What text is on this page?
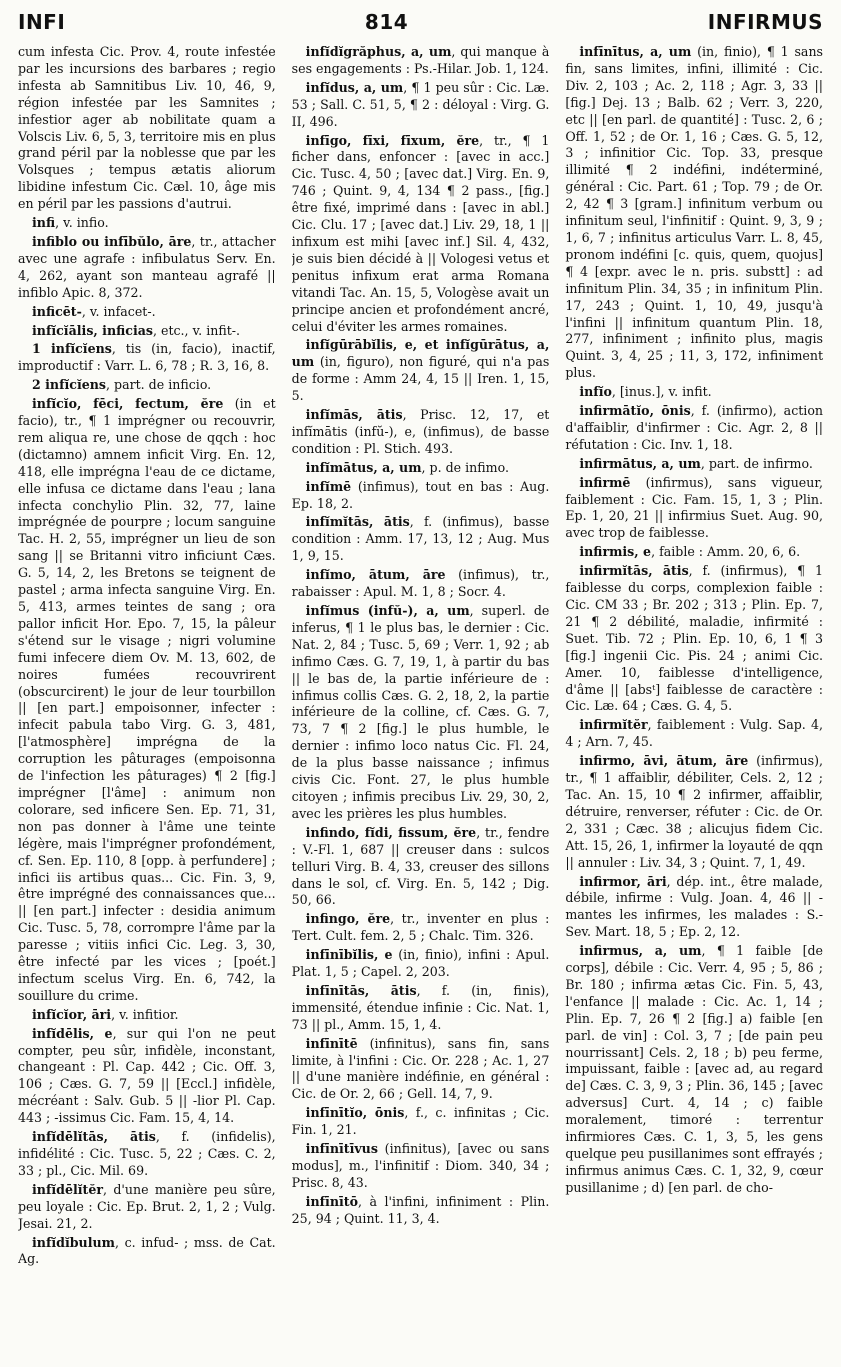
INFI	814	INFIRMUS

cum infesta Cic. Prov. 4, route infestée par les incursions des barbares ; regio infesta ab Samnitibus Liv. 10, 46, 9, région infestée par les Samnites ; infestior ager ab nobilitate quam a Volscis Liv. 6, 5, 3, territoire mis en plus grand péril par la noblesse que par les Volsques ; tempus ætatis aliorum libidine infestum Cic. Cæl. 10, âge mis en péril par les passions d'autrui.

infi, v. infio.

infiblo ou infībŭlo, āre, tr., attacher avec une agrafe : infibulatus Serv. En. 4, 262, ayant son manteau agrafé || infiblo Apic. 8, 372.

inficēt-, v. infacet-.

infĭcĭālis, inficias, etc., v. infit-.

1 infĭcĭens, tis (in, facio), inactif, improductif : Varr. L. 6, 78 ; R. 3, 16, 8.

2 infĭcĭens, part. de inficio.

infĭcĭo, fēci, fectum, ĕre (in et facio), tr., ¶ 1 imprégner ou recouvrir, rem aliqua re, une chose de qqch : hoc (dictamno) amnem inficit Virg. En. 12, 418, elle imprégna l'eau de ce dictame, elle infusa ce dictame dans l'eau ; lana infecta conchylio Plin. 32, 77, laine imprégnée de pourpre ; locum sanguine Tac. H. 2, 55, imprégner un lieu de son sang || se Britanni vitro inficiunt Cæs. G. 5, 14, 2, les Bretons se teignent de pastel ; arma infecta sanguine Virg. En. 5, 413, armes teintes de sang ; ora pallor inficit Hor. Epo. 7, 15, la pâleur s'étend sur le visage ; nigri volumine fumi infecere diem Ov. M. 13, 602, de noires fumées recouvrirent (obscurcirent) le jour de leur tourbillon || [en part.] empoisonner, infecter : infecit pabula tabo Virg. G. 3, 481, [l'atmosphère] imprégna de la corruption les pâturages (empoisonna de l'infection les pâturages) ¶ 2 [fig.] imprégner [l'âme] : animum non colorare, sed inficere Sen. Ep. 71, 31, non pas donner à l'âme une teinte légère, mais l'imprégner profondément, cf. Sen. Ep. 110, 8 [opp. à perfundere] ; infici iis artibus quas... Cic. Fin. 3, 9, être imprégné des connaissances que... || [en part.] infecter : desidia animum Cic. Tusc. 5, 78, corrompre l'âme par la paresse ; vitiis infici Cic. Leg. 3, 30, être infecté par les vices ; [poét.] infectum scelus Virg. En. 6, 742, la souillure du crime.

infĭcĭor, āri, v. infitior.

infĭdēlis, e, sur qui l'on ne peut compter, peu sûr, infidèle, inconstant, changeant : Pl. Cap. 442 ; Cic. Off. 3, 106 ; Cæs. G. 7, 59 || [Eccl.] infidèle, mécréant : Salv. Gub. 5 || -lior Pl. Cap. 443 ; -issimus Cic. Fam. 15, 4, 14.

infĭdēlĭtās, ātis, f. (infidelis), infidélité : Cic. Tusc. 5, 22 ; Cæs. C. 2, 33 ; pl., Cic. Mil. 69.

infĭdēlĭtĕr, d'une manière peu sûre, peu loyale : Cic. Ep. Brut. 2, 1, 2 ; Vulg. Jesai. 21, 2.

infĭdĭbulum, c. infud- ; mss. de Cat. Ag.

infĭdĭgrăphus, a, um, qui manque à ses engagements : Ps.-Hilar. Job. 1, 124.

infĭdus, a, um, ¶ 1 peu sûr : Cic. Læ. 53 ; Sall. C. 51, 5, ¶ 2 : déloyal : Virg. G. II, 496.

infīgo, fīxi, fīxum, ĕre, tr., ¶ 1 ficher dans, enfoncer : [avec in acc.] Cic. Tusc. 4, 50 ; [avec dat.] Virg. En. 9, 746 ; Quint. 9, 4, 134 ¶ 2 pass., [fig.] être fixé, imprimé dans : [avec in abl.] Cic. Clu. 17 ; [avec dat.] Liv. 29, 18, 1 || infixum est mihi [avec inf.] Sil. 4, 432, je suis bien décidé à || Vologesi vetus et penitus infixum erat arma Romana vitandi Tac. An. 15, 5, Vologèse avait un principe ancien et profondément ancré, celui d'éviter les armes romaines.

infĭgūrābĭlis, e, et infĭgūrātus, a, um (in, figuro), non figuré, qui n'a pas de forme : Amm 24, 4, 15 || Iren. 1, 15, 5.

infĭmās, ātis, Prisc. 12, 17, et infĭmātis (infŭ-), e, (infimus), de basse condition : Pl. Stich. 493.

infĭmātus, a, um, p. de infimo.

infĭmē (infimus), tout en bas : Aug. Ep. 18, 2.

infĭmĭtās, ātis, f. (infimus), basse condition : Amm. 17, 13, 12 ; Aug. Mus 1, 9, 15.

infĭmo, ātum, āre (infimus), tr., rabaisser : Apul. M. 1, 8 ; Socr. 4.

infĭmus (infŭ-), a, um, superl. de inferus, ¶ 1 le plus bas, le dernier : Cic. Nat. 2, 84 ; Tusc. 5, 69 ; Verr. 1, 92 ; ab infimo Cæs. G. 7, 19, 1, à partir du bas || le bas de, la partie inférieure de : infimus collis Cæs. G. 2, 18, 2, la partie inférieure de la colline, cf. Cæs. G. 7, 73, 7 ¶ 2 [fig.] le plus humble, le dernier : infimo loco natus Cic. Fl. 24, de la plus basse naissance ; infimus civis Cic. Font. 27, le plus humble citoyen ; infimis precibus Liv. 29, 30, 2, avec les prières les plus humbles.

infindo, fĭdi, fissum, ĕre, tr., fendre : V.-Fl. 1, 687 || creuser dans : sulcos telluri Virg. B. 4, 33, creuser des sillons dans le sol, cf. Virg. En. 5, 142 ; Dig. 50, 66.

infingo, ĕre, tr., inventer en plus : Tert. Cult. fem. 2, 5 ; Chalc. Tim. 326.

infīnībĭlis, e (in, finio), infini : Apul. Plat. 1, 5 ; Capel. 2, 203.

infīnītās, ātis, f. (in, finis), immensité, étendue infinie : Cic. Nat. 1, 73 || pl., Amm. 15, 1, 4.

infīnītē (infinitus), sans fin, sans limite, à l'infini : Cic. Or. 228 ; Ac. 1, 27 || d'une manière indéfinie, en général : Cic. de Or. 2, 66 ; Gell. 14, 7, 9.

infīnītĭo, ōnis, f., c. infinitas ; Cic. Fin. 1, 21.

infīnītīvus (infinitus), [avec ou sans modus], m., l'infinitif : Diom. 340, 34 ; Prisc. 8, 43.

infīnītō, à l'infini, infiniment : Plin. 25, 94 ; Quint. 11, 3, 4.

infīnītus, a, um (in, finio), ¶ 1 sans fin, sans limites, infini, illimité : Cic. Div. 2, 103 ; Ac. 2, 118 ; Agr. 3, 33 || [fig.] Dej. 13 ; Balb. 62 ; Verr. 3, 220, etc || [en parl. de quantité] : Tusc. 2, 6 ; Off. 1, 52 ; de Or. 1, 16 ; Cæs. G. 5, 12, 3 ; infinitior Cic. Top. 33, presque illimité ¶ 2 indéfini, indéterminé, général : Cic. Part. 61 ; Top. 79 ; de Or. 2, 42 ¶ 3 [gram.] infinitum verbum ou infinitum seul, l'infinitif : Quint. 9, 3, 9 ; 1, 6, 7 ; infinitus articulus Varr. L. 8, 45, pronom indéfini [c. quis, quem, quojus] ¶ 4 [expr. avec le n. pris. substt] : ad infinitum Plin. 34, 35 ; in infinitum Plin. 17, 243 ; Quint. 1, 10, 49, jusqu'à l'infini || infinitum quantum Plin. 18, 277, infiniment ; infinito plus, magis Quint. 3, 4, 25 ; 11, 3, 172, infiniment plus.

infĭo, [inus.], v. infit.

infirmātĭo, ōnis, f. (infirmo), action d'affaiblir, d'infirmer : Cic. Agr. 2, 8 || réfutation : Cic. Inv. 1, 18.

infirmātus, a, um, part. de infirmo.

infirmē (infirmus), sans vigueur, faiblement : Cic. Fam. 15, 1, 3 ; Plin. Ep. 1, 20, 21 || infirmius Suet. Aug. 90, avec trop de faiblesse.

infirmis, e, faible : Amm. 20, 6, 6.

infirmĭtās, ātis, f. (infirmus), ¶ 1 faiblesse du corps, complexion faible : Cic. CM 33 ; Br. 202 ; 313 ; Plin. Ep. 7, 21 ¶ 2 débilité, maladie, infirmité : Suet. Tib. 72 ; Plin. Ep. 10, 6, 1 ¶ 3 [fig.] ingenii Cic. Pis. 24 ; animi Cic. Amer. 10, faiblesse d'intelligence, d'âme || [absᵗ] faiblesse de caractère : Cic. Læ. 64 ; Cæs. G. 4, 5.

infirmĭtĕr, faiblement : Vulg. Sap. 4, 4 ; Arn. 7, 45.

infirmo, āvi, ātum, āre (infirmus), tr., ¶ 1 affaiblir, débiliter, Cels. 2, 12 ; Tac. An. 15, 10 ¶ 2 infirmer, affaiblir, détruire, renverser, réfuter : Cic. de Or. 2, 331 ; Cæc. 38 ; alicujus fidem Cic. Att. 15, 26, 1, infirmer la loyauté de qqn || annuler : Liv. 34, 3 ; Quint. 7, 1, 49.

infirmor, āri, dép. int., être malade, débile, infirme : Vulg. Joan. 4, 46 || -mantes les infirmes, les malades : S.-Sev. Mart. 18, 5 ; Ep. 2, 12.

infirmus, a, um, ¶ 1 faible [de corps], débile : Cic. Verr. 4, 95 ; 5, 86 ; Br. 180 ; infirma ætas Cic. Fin. 5, 43, l'enfance || malade : Cic. Ac. 1, 14 ; Plin. Ep. 7, 26 ¶ 2 [fig.] a) faible [en parl. de vin] : Col. 3, 7 ; [de pain peu nourrissant] Cels. 2, 18 ; b) peu ferme, impuissant, faible : [avec ad, au regard de] Cæs. C. 3, 9, 3 ; Plin. 36, 145 ; [avec adversus] Curt. 4, 14 ; c) faible moralement, timoré : terrentur infirmiores Cæs. C. 1, 3, 5, les gens quelque peu pusillanimes sont effrayés ; infirmus animus Cæs. C. 1, 32, 9, cœur pusillanime ; d) [en parl. de cho-
